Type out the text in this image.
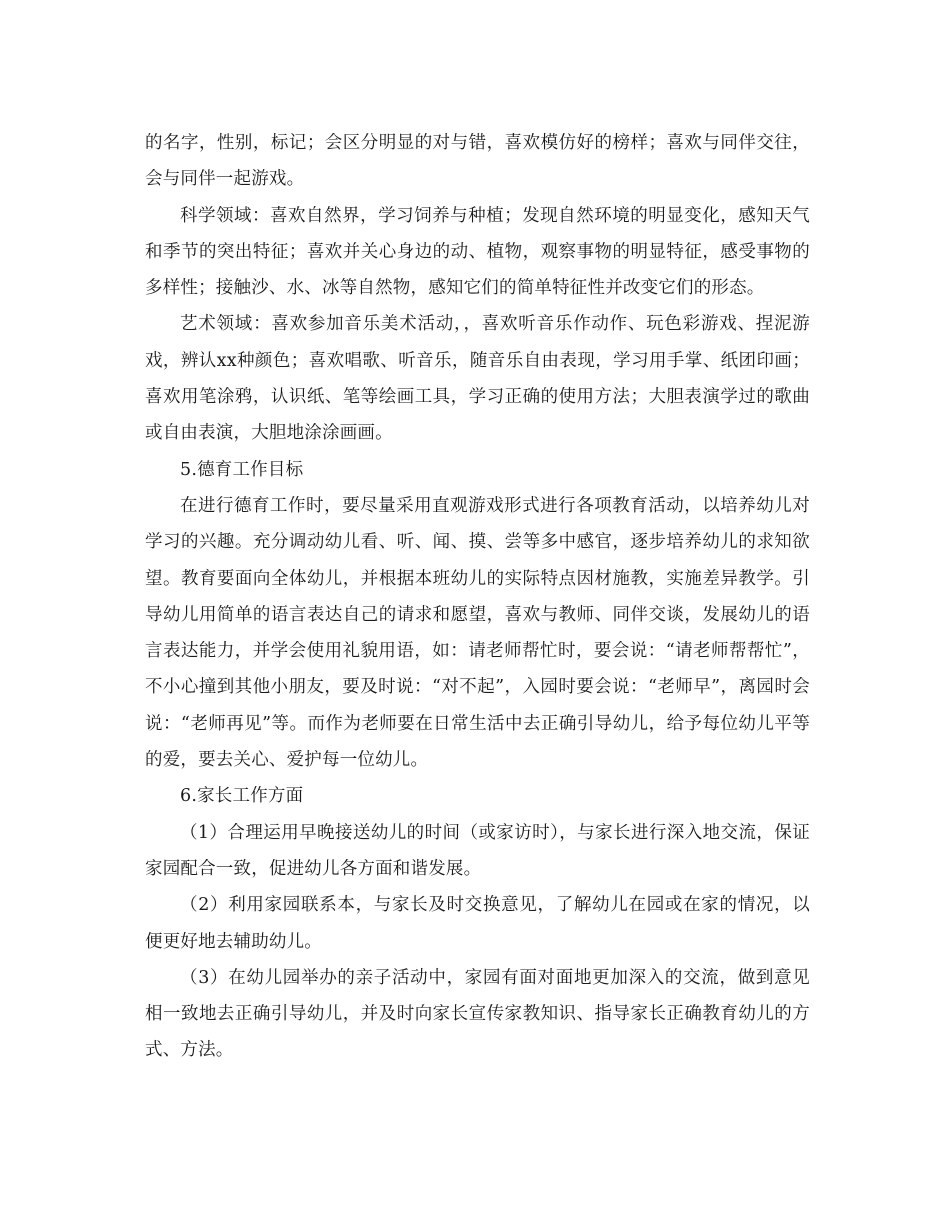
的名字，性别，标记；会区分明显的对与错，喜欢模仿好的榜样；喜欢与同伴交往，会与同伴一起游戏。

科学领域：喜欢自然界，学习饲养与种植；发现自然环境的明显变化，感知天气和季节的突出特征；喜欢并关心身边的动、植物，观察事物的明显特征，感受事物的多样性；接触沙、水、冰等自然物，感知它们的简单特征性并改变它们的形态。

艺术领域：喜欢参加音乐美术活动，，喜欢听音乐作动作、玩色彩游戏、捏泥游戏，辨认xx种颜色；喜欢唱歌、听音乐，随音乐自由表现，学习用手掌、纸团印画；喜欢用笔涂鸦，认识纸、笔等绘画工具，学习正确的使用方法；大胆表演学过的歌曲或自由表演，大胆地涂涂画画。

5.德育工作目标

在进行德育工作时，要尽量采用直观游戏形式进行各项教育活动，以培养幼儿对学习的兴趣。充分调动幼儿看、听、闻、摸、尝等多中感官，逐步培养幼儿的求知欲望。教育要面向全体幼儿，并根据本班幼儿的实际特点因材施教，实施差异教学。引导幼儿用简单的语言表达自己的请求和愿望，喜欢与教师、同伴交谈，发展幼儿的语言表达能力，并学会使用礼貌用语，如：请老师帮忙时，要会说：“请老师帮帮忙”，不小心撞到其他小朋友，要及时说：“对不起”，入园时要会说：“老师早”，离园时会说：“老师再见”等。而作为老师要在日常生活中去正确引导幼儿，给予每位幼儿平等的爱，要去关心、爱护每一位幼儿。

6.家长工作方面

（1）合理运用早晚接送幼儿的时间（或家访时），与家长进行深入地交流，保证家园配合一致，促进幼儿各方面和谐发展。

（2）利用家园联系本，与家长及时交换意见，了解幼儿在园或在家的情况，以便更好地去辅助幼儿。

（3）在幼儿园举办的亲子活动中，家园有面对面地更加深入的交流，做到意见相一致地去正确引导幼儿，并及时向家长宣传家教知识、指导家长正确教育幼儿的方式、方法。
